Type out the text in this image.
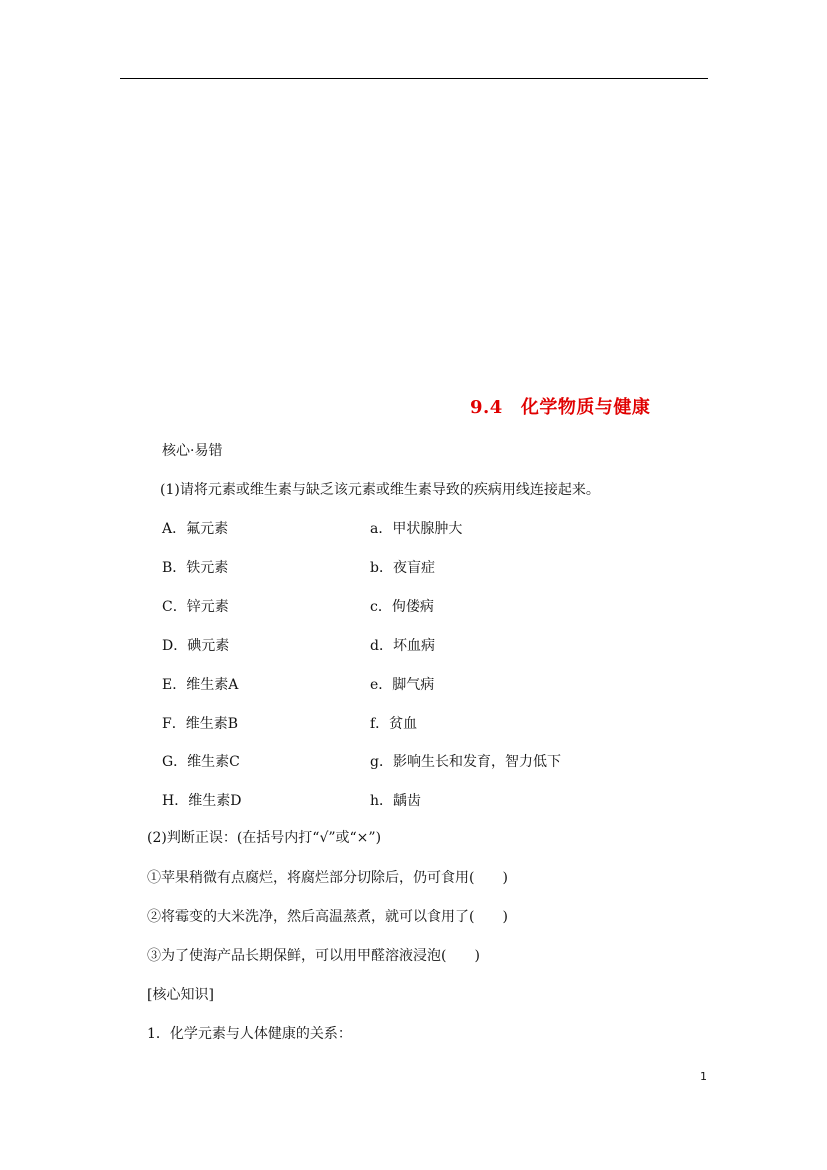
9.4 化学物质与健康
核心·易错
(1)请将元素或维生素与缺乏该元素或维生素导致的疾病用线连接起来。
A．氟元素	a．甲状腺肿大
B．铁元素	b．夜盲症
C．锌元素	c．佝偻病
D．碘元素	d．坏血病
E．维生素A	e．脚气病
F．维生素B	f．贫血
G．维生素C	g．影响生长和发育，智力低下
H．维生素D	h．龋齿
(2)判断正误：(在括号内打“√”或“×”)
①苹果稍微有点腐烂，将腐烂部分切除后，仍可食用(　　)
②将霉变的大米洗净，然后高温蒸煮，就可以食用了(　　)
③为了使海产品长期保鲜，可以用甲醛溶液浸泡(　　)
[核心知识]
1．化学元素与人体健康的关系：
1
